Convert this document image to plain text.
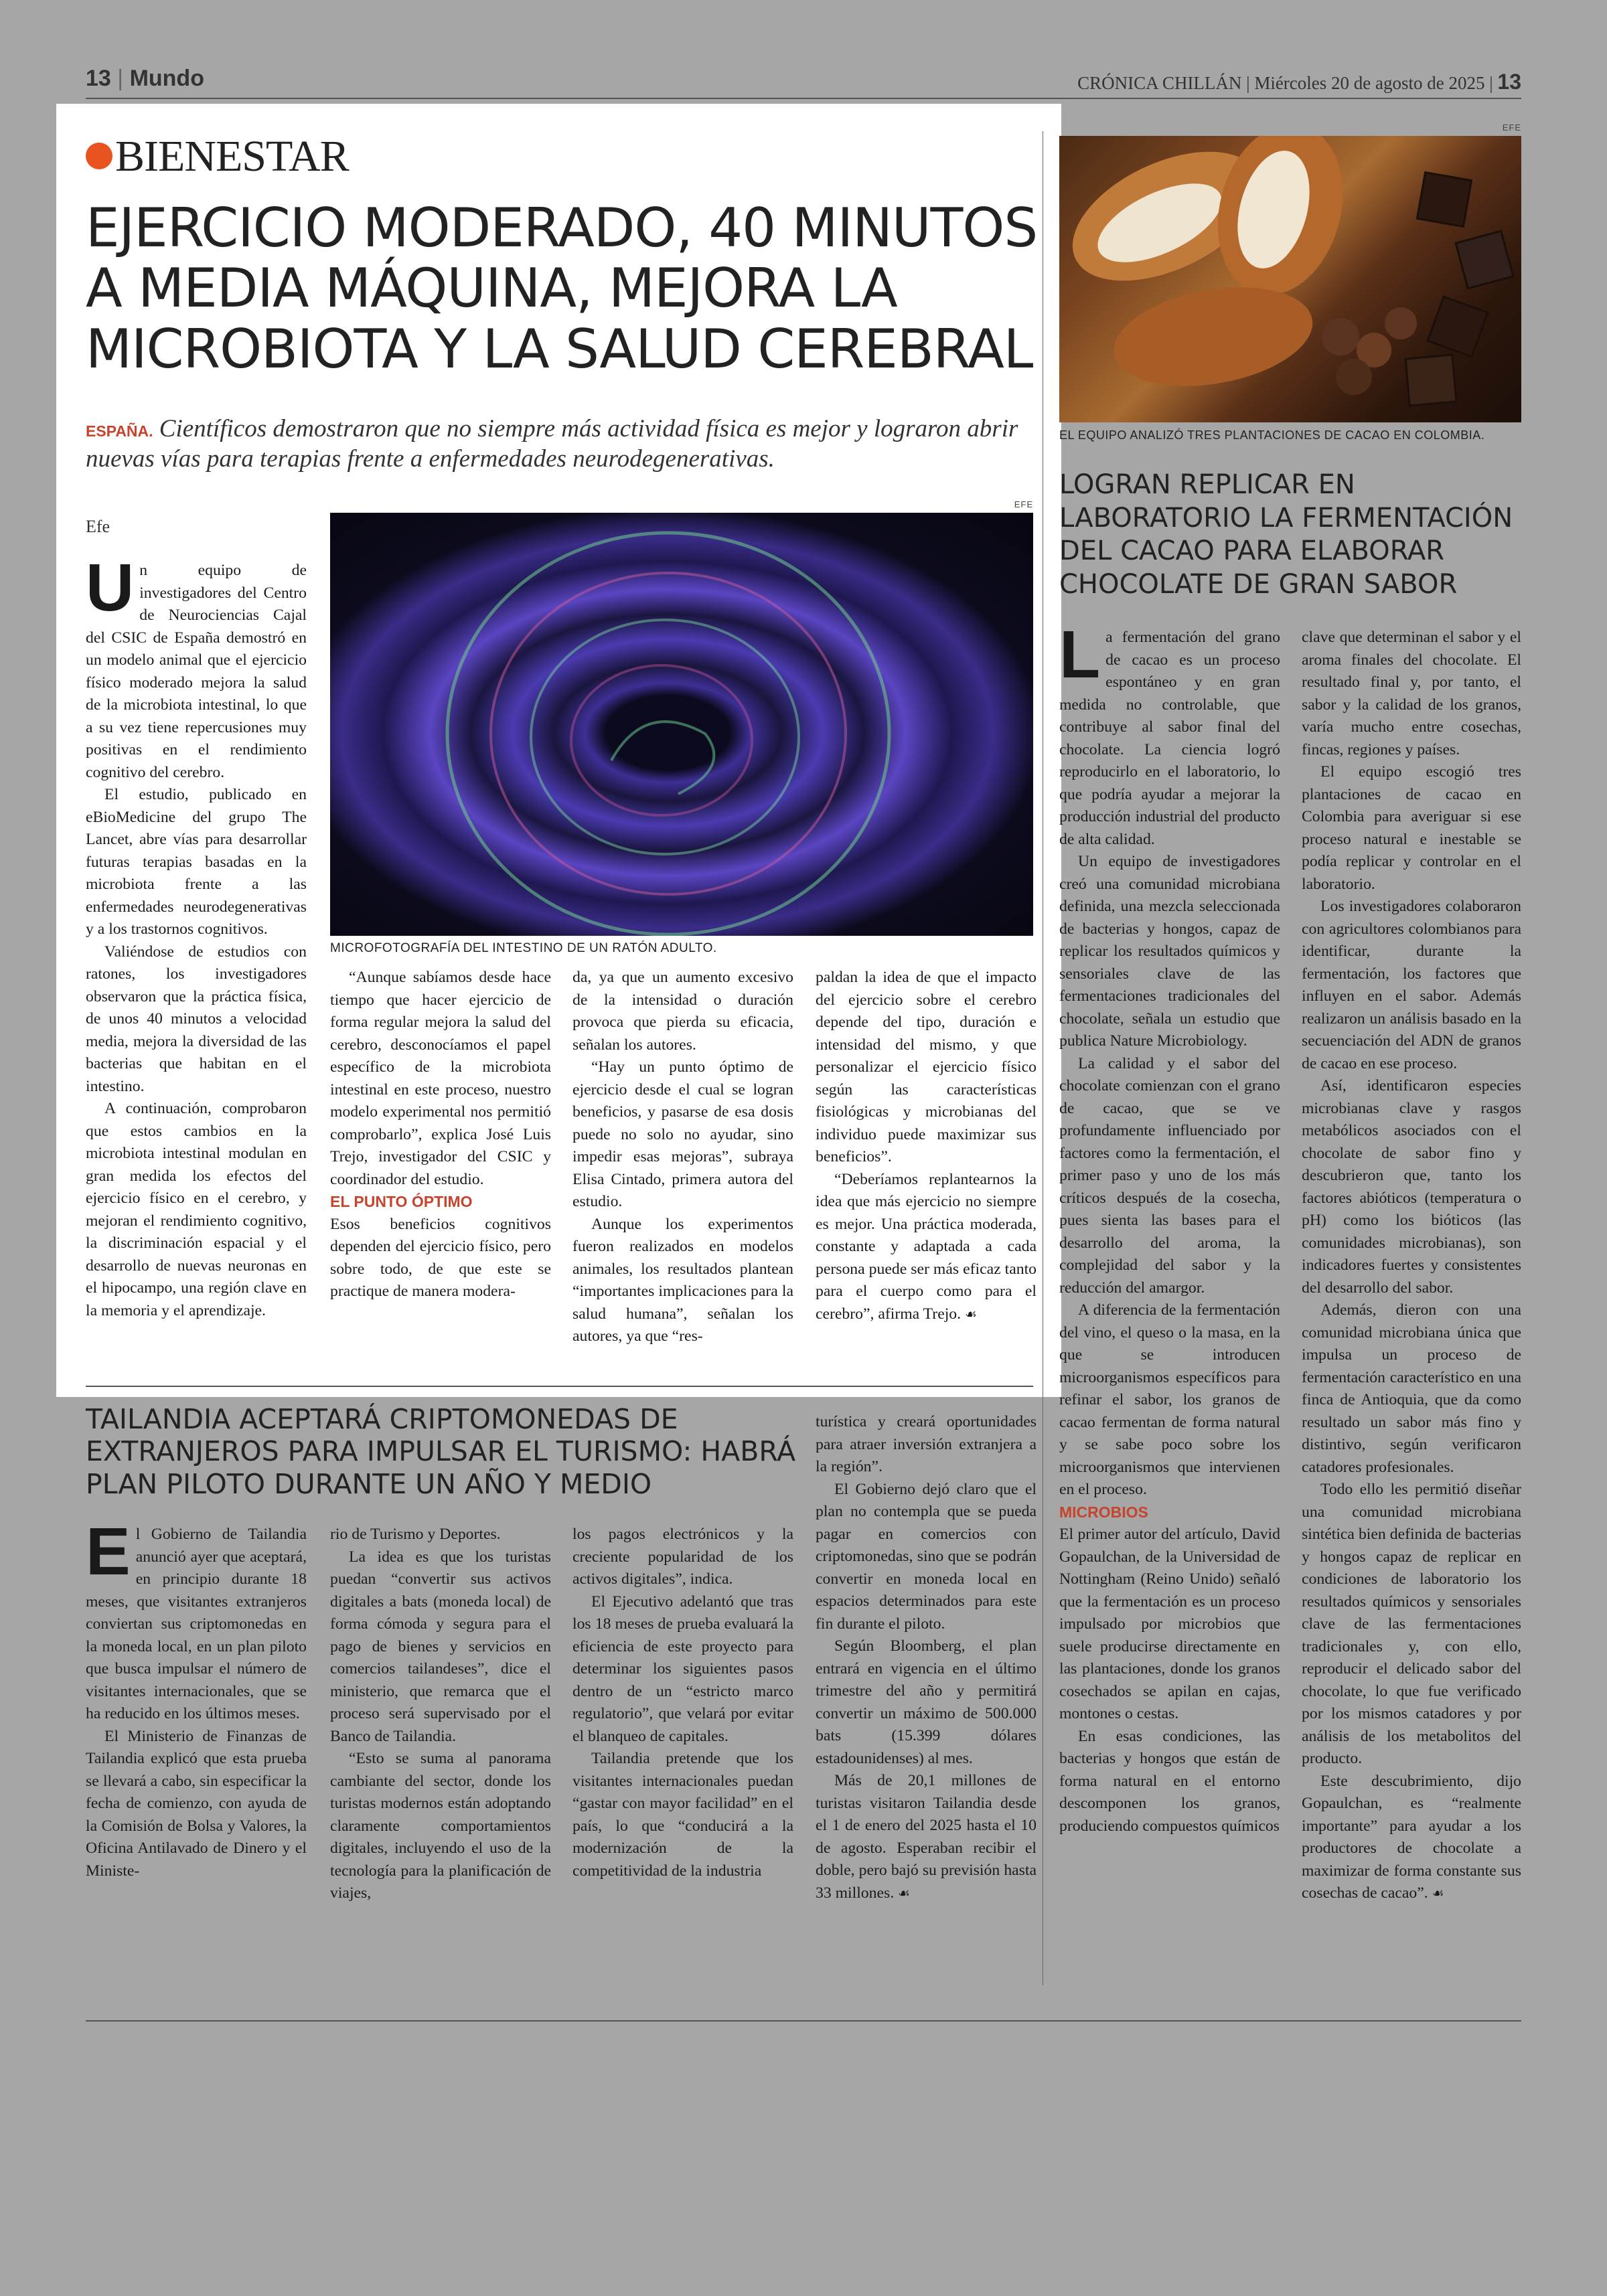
13 | Mundo	CRÓNICA CHILLÁN | Miércoles 20 de agosto de 2025 | 13
BIENESTAR
EJERCICIO MODERADO, 40 MINUTOS A MEDIA MÁQUINA, MEJORA LA MICROBIOTA Y LA SALUD CEREBRAL
ESPAÑA. Científicos demostraron que no siempre más actividad física es mejor y lograron abrir nuevas vías para terapias frente a enfermedades neurodegenerativas.
Efe
EFE
MICROFOTOGRAFÍA DEL INTESTINO DE UN RATÓN ADULTO.

Un equipo de investigadores del Centro de Neurociencias Cajal del CSIC de España demostró en un modelo animal que el ejercicio físico moderado mejora la salud de la microbiota intestinal, lo que a su vez tiene repercusiones muy positivas en el rendimiento cognitivo del cerebro.

El estudio, publicado en eBioMedicine del grupo The Lancet, abre vías para desarrollar futuras terapias basadas en la microbiota frente a las enfermedades neurodegenerativas y a los trastornos cognitivos.

Valiéndose de estudios con ratones, los investigadores observaron que la práctica física, de unos 40 minutos a velocidad media, mejora la diversidad de las bacterias que habitan en el intestino.

A continuación, comprobaron que estos cambios en la microbiota intestinal modulan en gran medida los efectos del ejercicio físico en el cerebro, y mejoran el rendimiento cognitivo, la discriminación espacial y el desarrollo de nuevas neuronas en el hipocampo, una región clave en la memoria y el aprendizaje.

“Aunque sabíamos desde hace tiempo que hacer ejercicio de forma regular mejora la salud del cerebro, desconocíamos el papel específico de la microbiota intestinal en este proceso, nuestro modelo experimental nos permitió comprobarlo”, explica José Luis Trejo, investigador del CSIC y coordinador del estudio.

EL PUNTO ÓPTIMO

Esos beneficios cognitivos dependen del ejercicio físico, pero sobre todo, de que este se practique de manera modera-

da, ya que un aumento excesivo de la intensidad o duración provoca que pierda su eficacia, señalan los autores.

“Hay un punto óptimo de ejercicio desde el cual se logran beneficios, y pasarse de esa dosis puede no solo no ayudar, sino impedir esas mejoras”, subraya Elisa Cintado, primera autora del estudio.

Aunque los experimentos fueron realizados en modelos animales, los resultados plantean “importantes implicaciones para la salud humana”, señalan los autores, ya que “res-

paldan la idea de que el impacto del ejercicio sobre el cerebro depende del tipo, duración e intensidad del mismo, y que personalizar el ejercicio físico según las características fisiológicas y microbianas del individuo puede maximizar sus beneficios”.

“Deberíamos replantearnos la idea que más ejercicio no siempre es mejor. Una práctica moderada, constante y adaptada a cada persona puede ser más eficaz tanto para el cuerpo como para el cerebro”, afirma Trejo. ☙

EFE
EL EQUIPO ANALIZÓ TRES PLANTACIONES DE CACAO EN COLOMBIA.
LOGRAN REPLICAR EN LABORATORIO LA FERMENTACIÓN DEL CACAO PARA ELABORAR CHOCOLATE DE GRAN SABOR

La fermentación del grano de cacao es un proceso espontáneo y en gran medida no controlable, que contribuye al sabor final del chocolate. La ciencia logró reproducirlo en el laboratorio, lo que podría ayudar a mejorar la producción industrial del producto de alta calidad.

Un equipo de investigadores creó una comunidad microbiana definida, una mezcla seleccionada de bacterias y hongos, capaz de replicar los resultados químicos y sensoriales clave de las fermentaciones tradicionales del chocolate, señala un estudio que publica Nature Microbiology.

La calidad y el sabor del chocolate comienzan con el grano de cacao, que se ve profundamente influenciado por factores como la fermentación, el primer paso y uno de los más críticos después de la cosecha, pues sienta las bases para el desarrollo del aroma, la complejidad del sabor y la reducción del amargor.

A diferencia de la fermentación del vino, el queso o la masa, en la que se introducen microorganismos específicos para refinar el sabor, los granos de cacao fermentan de forma natural y se sabe poco sobre los microorganismos que intervienen en el proceso.

MICROBIOS

El primer autor del artículo, David Gopaulchan, de la Universidad de Nottingham (Reino Unido) señaló que la fermentación es un proceso impulsado por microbios que suele producirse directamente en las plantaciones, donde los granos cosechados se apilan en cajas, montones o cestas.

En esas condiciones, las bacterias y hongos que están de forma natural en el entorno descomponen los granos, produciendo compuestos químicos

clave que determinan el sabor y el aroma finales del chocolate. El resultado final y, por tanto, el sabor y la calidad de los granos, varía mucho entre cosechas, fincas, regiones y países.

El equipo escogió tres plantaciones de cacao en Colombia para averiguar si ese proceso natural e inestable se podía replicar y controlar en el laboratorio.

Los investigadores colaboraron con agricultores colombianos para identificar, durante la fermentación, los factores que influyen en el sabor. Además realizaron un análisis basado en la secuenciación del ADN de granos de cacao en ese proceso.

Así, identificaron especies microbianas clave y rasgos metabólicos asociados con el chocolate de sabor fino y descubrieron que, tanto los factores abióticos (temperatura o pH) como los bióticos (las comunidades microbianas), son indicadores fuertes y consistentes del desarrollo del sabor.

Además, dieron con una comunidad microbiana única que impulsa un proceso de fermentación característico en una finca de Antioquia, que da como resultado un sabor más fino y distintivo, según verificaron catadores profesionales.

Todo ello les permitió diseñar una comunidad microbiana sintética bien definida de bacterias y hongos capaz de replicar en condiciones de laboratorio los resultados químicos y sensoriales clave de las fermentaciones tradicionales y, con ello, reproducir el delicado sabor del chocolate, lo que fue verificado por los mismos catadores y por análisis de los metabolitos del producto.

Este descubrimiento, dijo Gopaulchan, es “realmente importante” para ayudar a los productores de chocolate a maximizar de forma constante sus cosechas de cacao”. ☙

TAILANDIA ACEPTARÁ CRIPTOMONEDAS DE EXTRANJEROS PARA IMPULSAR EL TURISMO: HABRÁ PLAN PILOTO DURANTE UN AÑO Y MEDIO

El Gobierno de Tailandia anunció ayer que aceptará, en principio durante 18 meses, que visitantes extranjeros conviertan sus criptomonedas en la moneda local, en un plan piloto que busca impulsar el número de visitantes internacionales, que se ha reducido en los últimos meses.

El Ministerio de Finanzas de Tailandia explicó que esta prueba se llevará a cabo, sin especificar la fecha de comienzo, con ayuda de la Comisión de Bolsa y Valores, la Oficina Antilavado de Dinero y el Ministe-

rio de Turismo y Deportes.

La idea es que los turistas puedan “convertir sus activos digitales a bats (moneda local) de forma cómoda y segura para el pago de bienes y servicios en comercios tailandeses”, dice el ministerio, que remarca que el proceso será supervisado por el Banco de Tailandia.

“Esto se suma al panorama cambiante del sector, donde los turistas modernos están adoptando claramente comportamientos digitales, incluyendo el uso de la tecnología para la planificación de viajes,

los pagos electrónicos y la creciente popularidad de los activos digitales”, indica.

El Ejecutivo adelantó que tras los 18 meses de prueba evaluará la eficiencia de este proyecto para determinar los siguientes pasos dentro de un “estricto marco regulatorio”, que velará por evitar el blanqueo de capitales.

Tailandia pretende que los visitantes internacionales puedan “gastar con mayor facilidad” en el país, lo que “conducirá a la modernización de la competitividad de la industria

turística y creará oportunidades para atraer inversión extranjera a la región”.

El Gobierno dejó claro que el plan no contempla que se pueda pagar en comercios con criptomonedas, sino que se podrán convertir en moneda local en espacios determinados para este fin durante el piloto.

Según Bloomberg, el plan entrará en vigencia en el último trimestre del año y permitirá convertir un máximo de 500.000 bats (15.399 dólares estadounidenses) al mes.

Más de 20,1 millones de turistas visitaron Tailandia desde el 1 de enero del 2025 hasta el 10 de agosto. Esperaban recibir el doble, pero bajó su previsión hasta 33 millones. ☙
